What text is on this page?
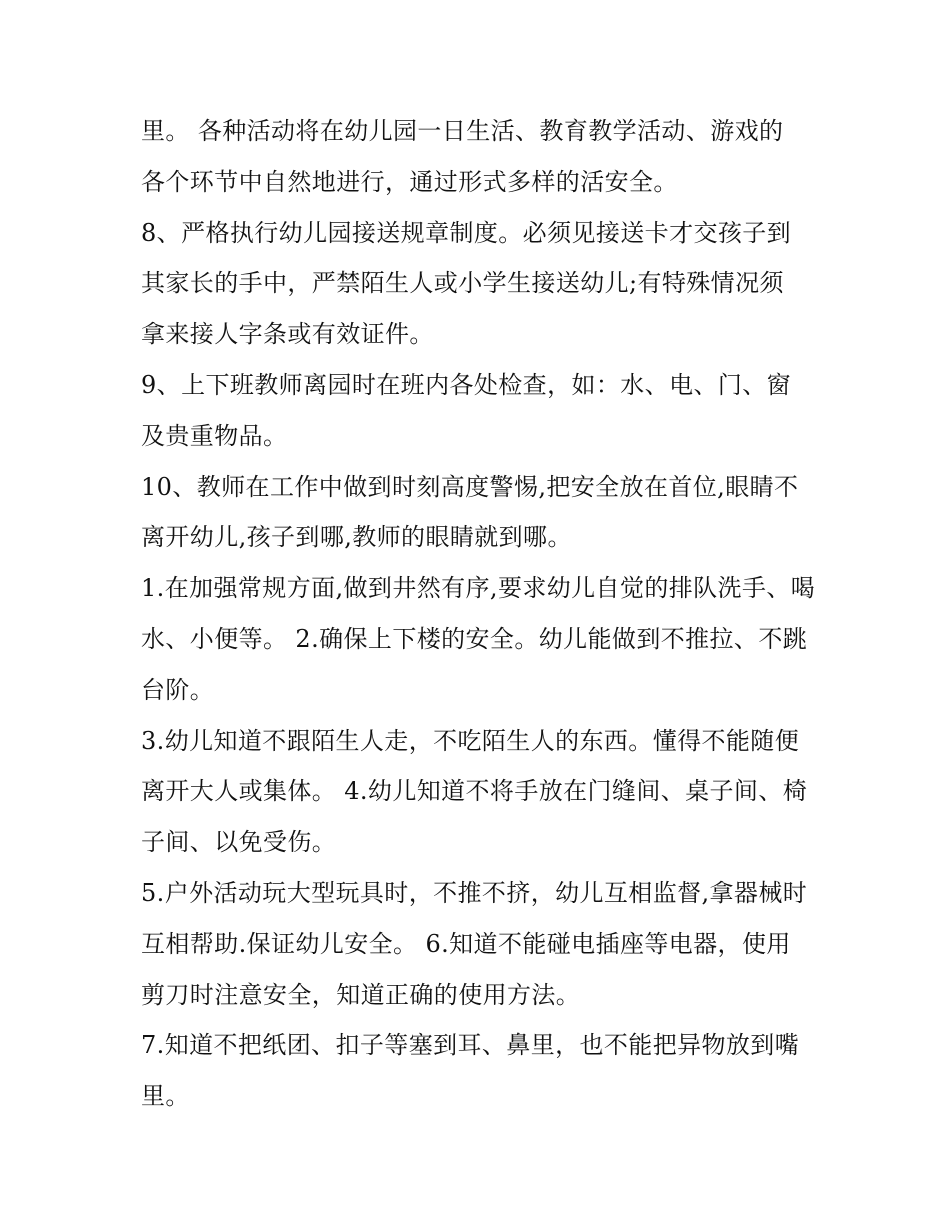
里。 各种活动将在幼儿园一日生活、教育教学活动、游戏的
各个环节中自然地进行，通过形式多样的活安全。
8、严格执行幼儿园接送规章制度。必须见接送卡才交孩子到
其家长的手中，严禁陌生人或小学生接送幼儿;有特殊情况须
拿来接人字条或有效证件。
9、上下班教师离园时在班内各处检查，如：水、电、门、窗
及贵重物品。
10、教师在工作中做到时刻高度警惕,把安全放在首位,眼睛不
离开幼儿,孩子到哪,教师的眼睛就到哪。
1.在加强常规方面,做到井然有序,要求幼儿自觉的排队洗手、喝
水、小便等。 2.确保上下楼的安全。幼儿能做到不推拉、不跳
台阶。
3.幼儿知道不跟陌生人走，不吃陌生人的东西。懂得不能随便
离开大人或集体。 4.幼儿知道不将手放在门缝间、桌子间、椅
子间、以免受伤。
5.户外活动玩大型玩具时，不推不挤，幼儿互相监督,拿器械时
互相帮助.保证幼儿安全。 6.知道不能碰电插座等电器，使用
剪刀时注意安全，知道正确的使用方法。
7.知道不把纸团、扣子等塞到耳、鼻里，也不能把异物放到嘴
里。
